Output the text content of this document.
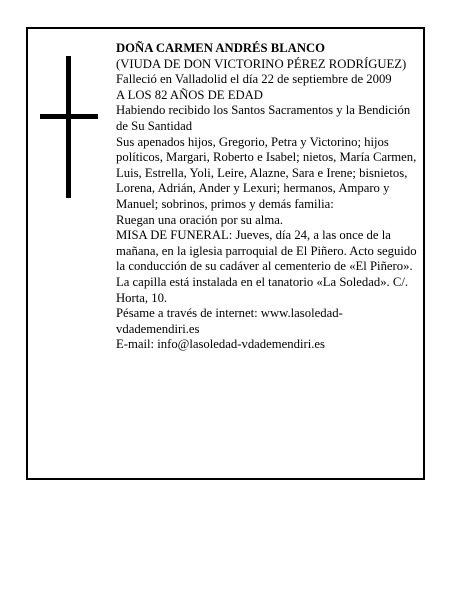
DOÑA CARMEN ANDRÉS BLANCO

(VIUDA DE DON VICTORINO PÉREZ RODRÍGUEZ)

Falleció en Valladolid el día 22 de septiembre de 2009

A LOS 82 AÑOS DE EDAD

Habiendo recibido los Santos Sacramentos y la Bendición de Su Santidad

Sus apenados hijos, Gregorio, Petra y Victorino; hijos políticos, Margari, Roberto e Isabel; nietos, María Carmen, Luis, Estrella, Yoli, Leire, Alazne, Sara e Irene; bisnietos, Lorena, Adrián, Ander y Lexuri; hermanos, Amparo y Manuel; sobrinos, primos y demás familia:

Ruegan una oración por su alma.

MISA DE FUNERAL: Jueves, día 24, a las once de la mañana, en la iglesia parroquial de El Piñero. Acto seguido la conducción de su cadáver al cementerio de «El Piñero».

La capilla está instalada en el tanatorio «La Soledad». C/. Horta, 10.

Pésame a través de internet: www.lasoledad-vdademendiri.es

E-mail: info@lasoledad-vdademendiri.es
